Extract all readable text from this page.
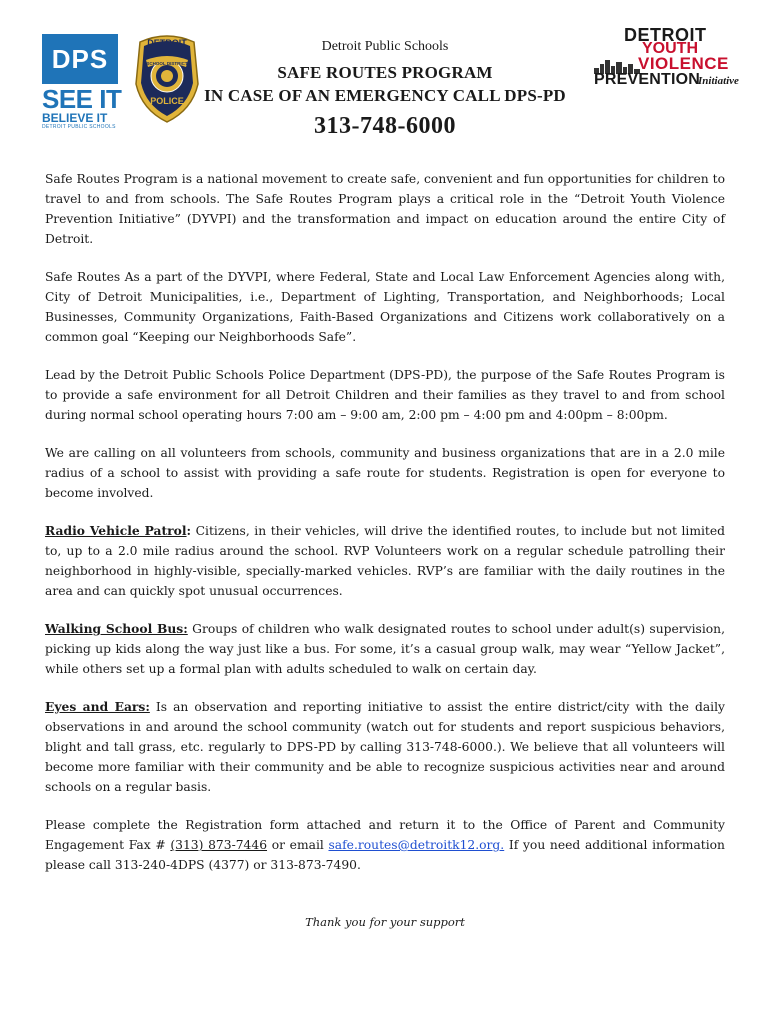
DPS
SEE IT
BELIEVE IT
DETROIT PUBLIC SCHOOLS
DETROIT
SCHOOL DISTRICT
POLICE
Detroit Public Schools
SAFE ROUTES PROGRAM
IN CASE OF AN EMERGENCY CALL DPS-PD
313-748-6000
DETROIT
YOUTH
VIOLENCE
PREVENTION
Initiative

Safe Routes Program is a national movement to create safe, convenient and fun opportunities for children to travel to and from schools. The Safe Routes Program plays a critical role in the “Detroit Youth Violence Prevention Initiative” (DYVPI) and the transformation and impact on education around the entire City of Detroit.

Safe Routes As a part of the DYVPI, where Federal, State and Local Law Enforcement Agencies along with, City of Detroit Municipalities, i.e., Department of Lighting, Transportation, and Neighborhoods; Local Businesses, Community Organizations, Faith-Based Organizations and Citizens work collaboratively on a common goal “Keeping our Neighborhoods Safe”.

Lead by the Detroit Public Schools Police Department (DPS-PD), the purpose of the Safe Routes Program is to provide a safe environment for all Detroit Children and their families as they travel to and from school during normal school operating hours 7:00 am – 9:00 am, 2:00 pm – 4:00 pm and 4:00pm – 8:00pm.

We are calling on all volunteers from schools, community and business organizations that are in a 2.0 mile radius of a school to assist with providing a safe route for students. Registration is open for everyone to become involved.

Radio Vehicle Patrol: Citizens, in their vehicles, will drive the identified routes, to include but not limited to, up to a 2.0 mile radius around the school. RVP Volunteers work on a regular schedule patrolling their neighborhood in highly-visible, specially-marked vehicles. RVP’s are familiar with the daily routines in the area and can quickly spot unusual occurrences.

Walking School Bus: Groups of children who walk designated routes to school under adult(s) supervision, picking up kids along the way just like a bus. For some, it’s a casual group walk, may wear “Yellow Jacket”, while others set up a formal plan with adults scheduled to walk on certain day.

Eyes and Ears: Is an observation and reporting initiative to assist the entire district/city with the daily observations in and around the school community (watch out for students and report suspicious behaviors, blight and tall grass, etc. regularly to DPS-PD by calling 313-748-6000.). We believe that all volunteers will become more familiar with their community and be able to recognize suspicious activities near and around schools on a regular basis.

Please complete the Registration form attached and return it to the Office of Parent and Community Engagement Fax # (313) 873-7446 or email safe.routes@detroitk12.org. If you need additional information please call 313-240-4DPS (4377) or 313-873-7490.

Thank you for your support
